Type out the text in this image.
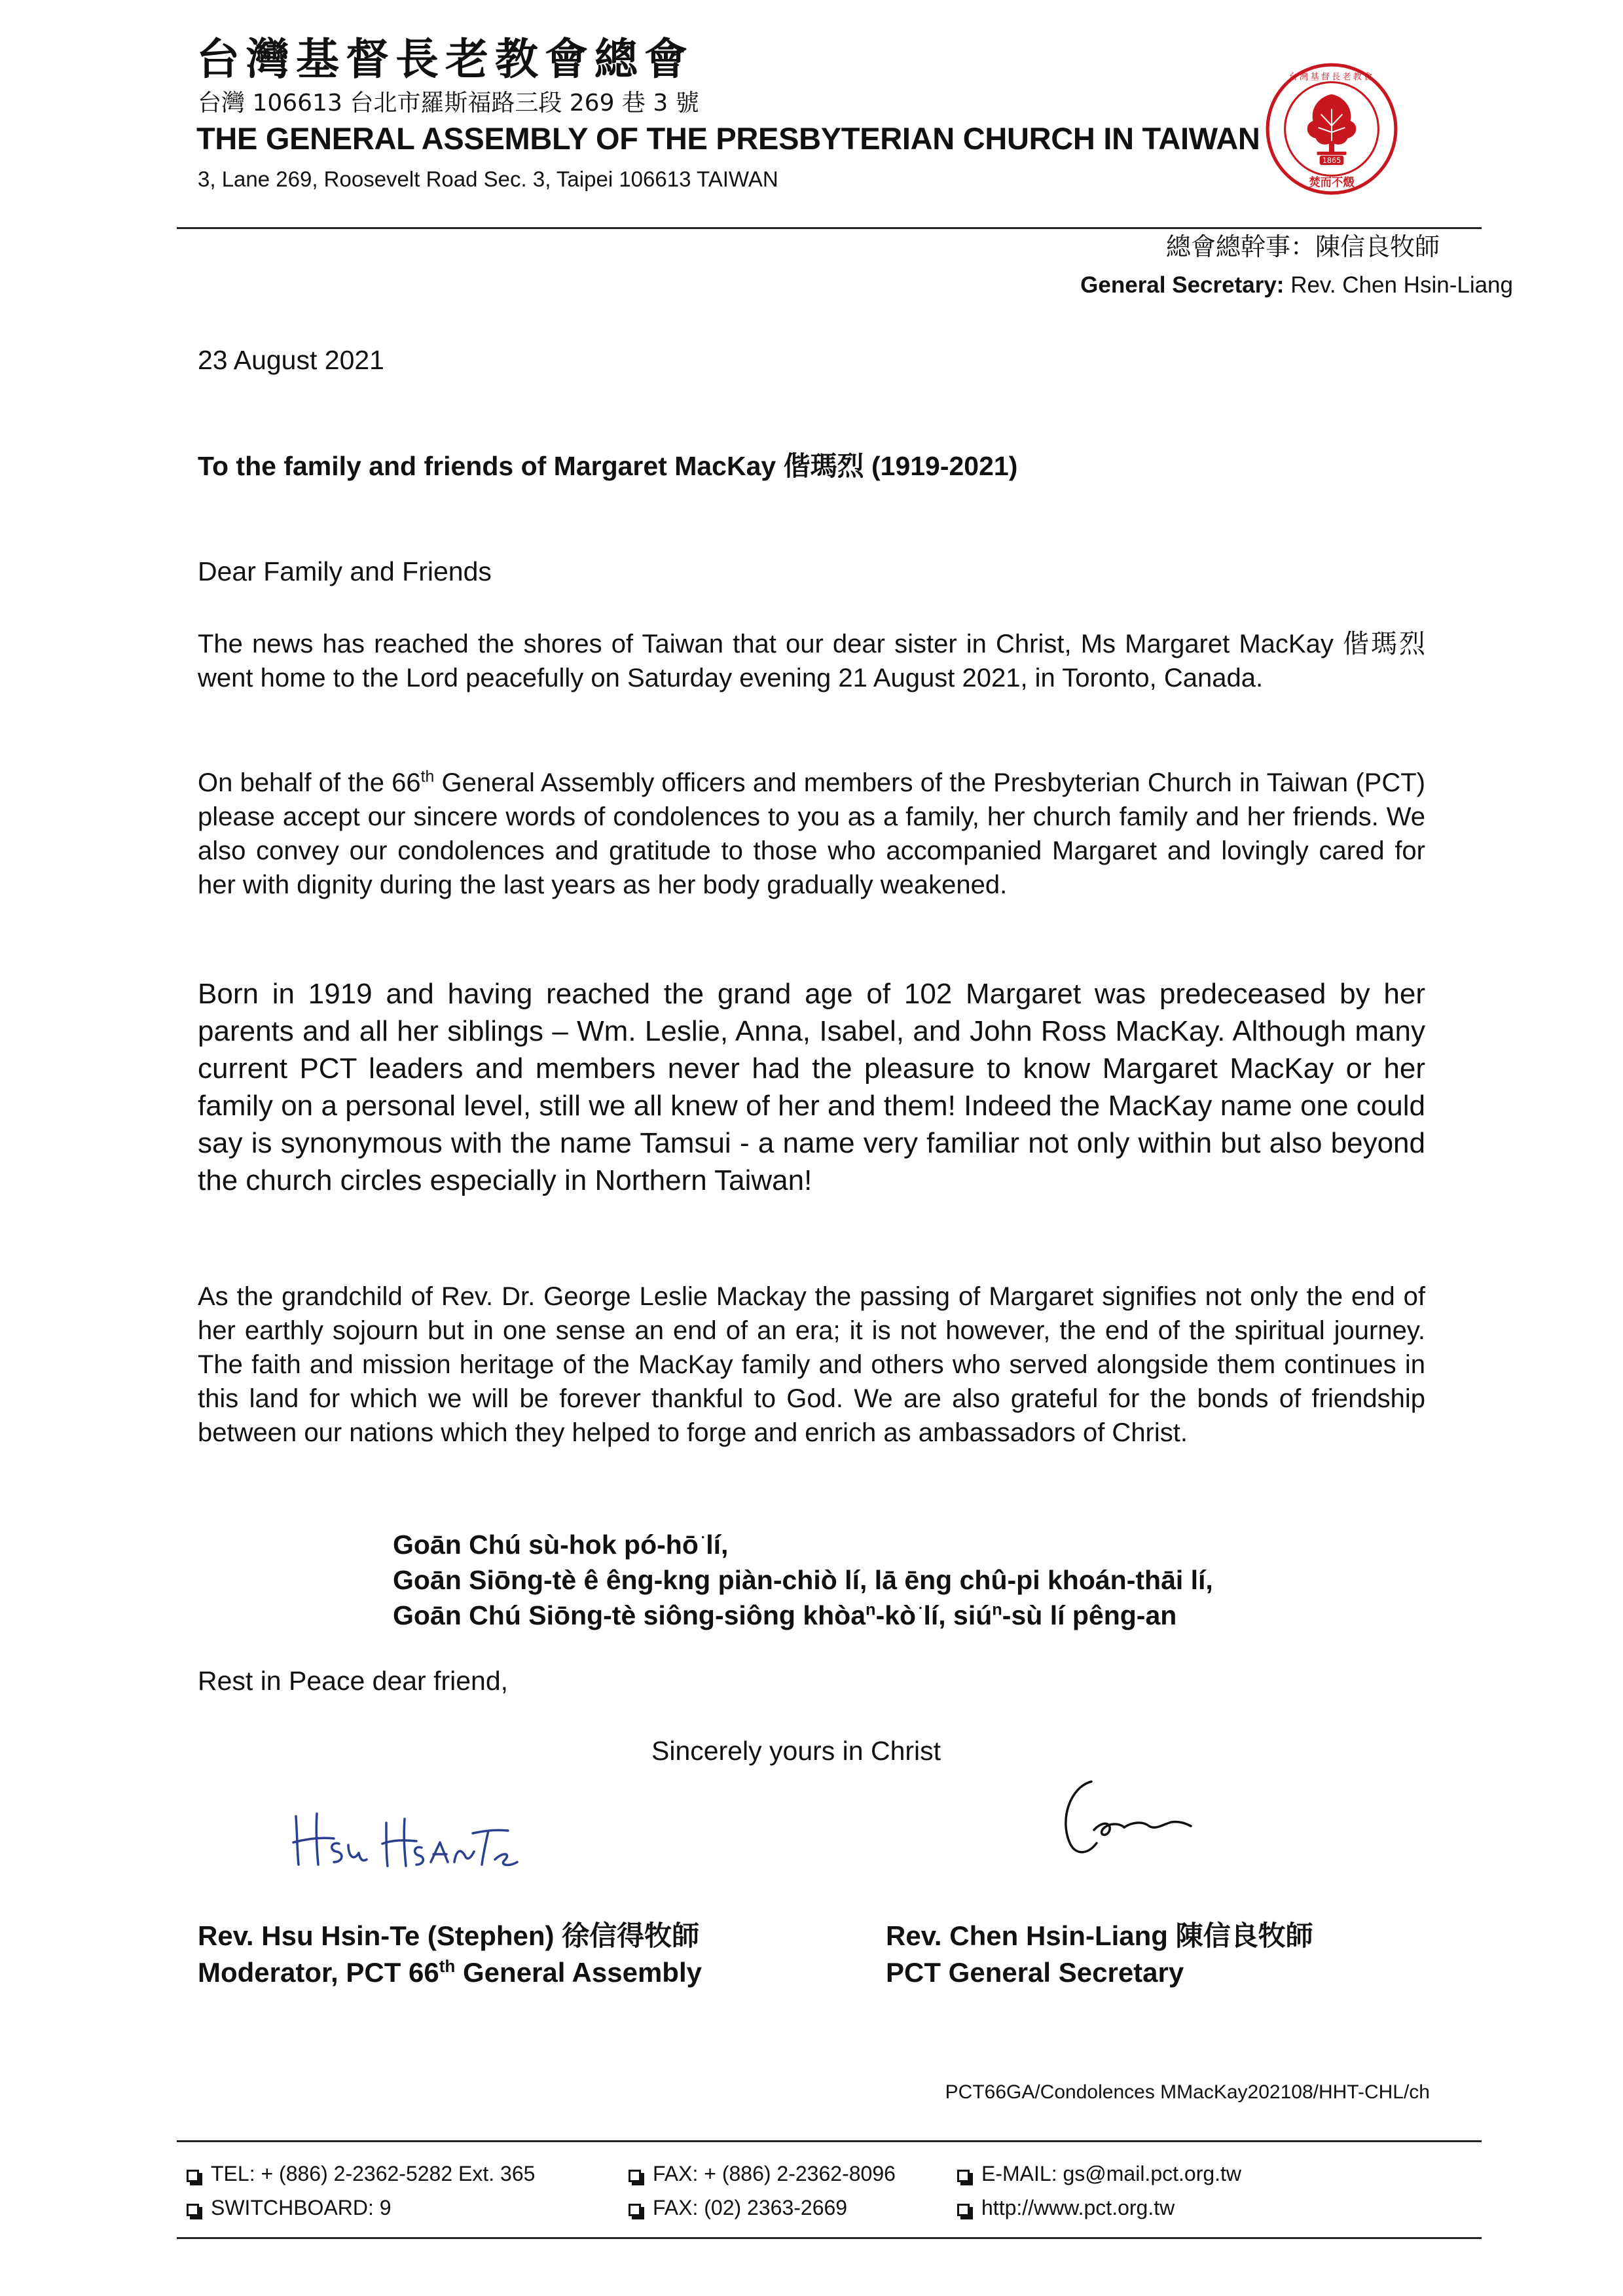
台灣基督長老教會總會
台灣 106613 台北市羅斯福路三段 269 巷 3 號
THE GENERAL ASSEMBLY OF THE PRESBYTERIAN CHURCH IN TAIWAN
3, Lane 269, Roosevelt Road Sec. 3, Taipei 106613 TAIWAN
1865
焚而不燬
台灣基督長老教會
總會總幹事：陳信良牧師
General Secretary: Rev. Chen Hsin-Liang
23 August 2021
To the family and friends of Margaret MacKay 偕瑪烈 (1919-2021)
Dear Family and Friends
The news has reached the shores of Taiwan that our dear sister in Christ, Ms Margaret MacKay 偕瑪烈 went home to the Lord peacefully on Saturday evening 21 August 2021, in Toronto, Canada.
On behalf of the 66th General Assembly officers and members of the Presbyterian Church in Taiwan (PCT) please accept our sincere words of condolences to you as a family, her church family and her friends. We also convey our condolences and gratitude to those who accompanied Margaret and lovingly cared for her with dignity during the last years as her body gradually weakened.
Born in 1919 and having reached the grand age of 102 Margaret was predeceased by her parents and all her siblings – Wm. Leslie, Anna, Isabel, and John Ross MacKay. Although many current PCT leaders and members never had the pleasure to know Margaret MacKay or her family on a personal level, still we all knew of her and them! Indeed the MacKay name one could say is synonymous with the name Tamsui - a name very familiar not only within but also beyond the church circles especially in Northern Taiwan!
As the grandchild of Rev. Dr. George Leslie Mackay the passing of Margaret signifies not only the end of her earthly sojourn but in one sense an end of an era; it is not however, the end of the spiritual journey. The faith and mission heritage of the MacKay family and others who served alongside them continues in this land for which we will be forever thankful to God. We are also grateful for the bonds of friendship between our nations which they helped to forge and enrich as ambassadors of Christ.
Goān Chú sù-hok pó-hō͘ lí,
Goān Siōng-tè ê êng-kng piàn-chiò lí, lā ēng chû-pi khoán-thāi lí,
Goān Chú Siōng-tè siông-siông khòa$^n$-kò͘ lí, siú$^n$-sù lí pêng-an
Rest in Peace dear friend,
Sincerely yours in Christ
Rev. Hsu Hsin-Te (Stephen) 徐信得牧師
Moderator, PCT 66th General Assembly
Rev. Chen Hsin-Liang 陳信良牧師
PCT General Secretary
PCT66GA/Condolences MMacKay202108/HHT-CHL/ch
TEL: + (886) 2-2362-5282 Ext. 365
SWITCHBOARD: 9
FAX: + (886) 2-2362-8096
FAX: (02) 2363-2669
E-MAIL: gs@mail.pct.org.tw
http://www.pct.org.tw
